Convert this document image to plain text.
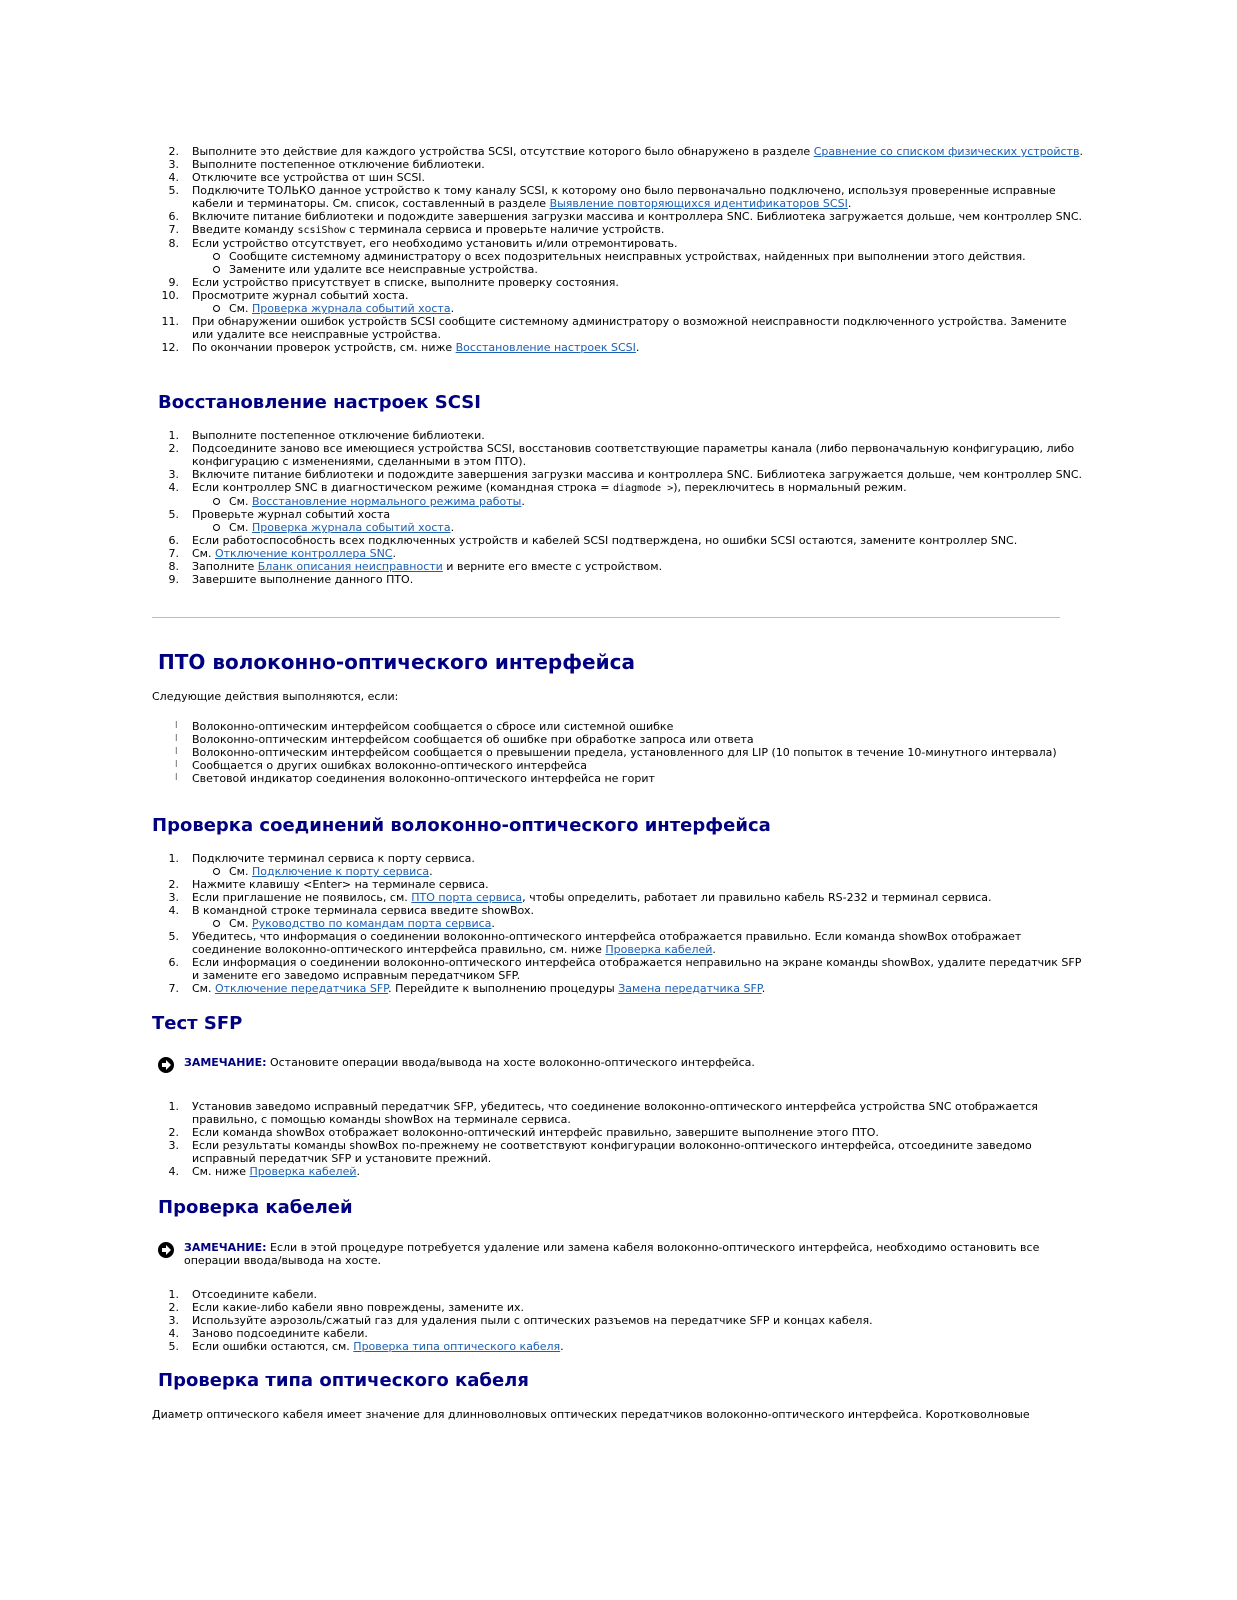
2. Выполните это действие для каждого устройства SCSI, отсутствие которого было обнаружено в разделе Сравнение со списком физических устройств.
3. Выполните постепенное отключение библиотеки.
4. Отключите все устройства от шин SCSI.
5. Подключите ТОЛЬКО данное устройство к тому каналу SCSI, к которому оно было первоначально подключено, используя проверенные исправные кабели и терминаторы. См. список, составленный в разделе Выявление повторяющихся идентификаторов SCSI.
6. Включите питание библиотеки и подождите завершения загрузки массива и контроллера SNC. Библиотека загружается дольше, чем контроллер SNC.
7. Введите команду scsiShow с терминала сервиса и проверьте наличие устройств.
8. Если устройство отсутствует, его необходимо установить и/или отремонтировать.
Сообщите системному администратору о всех подозрительных неисправных устройствах, найденных при выполнении этого действия.
Замените или удалите все неисправные устройства.
9. Если устройство присутствует в списке, выполните проверку состояния.
10. Просмотрите журнал событий хоста.
См. Проверка журнала событий хоста.
11. При обнаружении ошибок устройств SCSI сообщите системному администратору о возможной неисправности подключенного устройства. Замените или удалите все неисправные устройства.
12. По окончании проверок устройств, см. ниже Восстановление настроек SCSI.
Восстановление настроек SCSI
1. Выполните постепенное отключение библиотеки.
2. Подсоедините заново все имеющиеся устройства SCSI, восстановив соответствующие параметры канала (либо первоначальную конфигурацию, либо конфигурацию с изменениями, сделанными в этом ПТО).
3. Включите питание библиотеки и подождите завершения загрузки массива и контроллера SNC. Библиотека загружается дольше, чем контроллер SNC.
4. Если контроллер SNC в диагностическом режиме (командная строка = diagmode >), переключитесь в нормальный режим.
См. Восстановление нормального режима работы.
5. Проверьте журнал событий хоста
См. Проверка журнала событий хоста.
6. Если работоспособность всех подключенных устройств и кабелей SCSI подтверждена, но ошибки SCSI остаются, замените контроллер SNC.
7. См. Отключение контроллера SNC.
8. Заполните Бланк описания неисправности и верните его вместе с устройством.
9. Завершите выполнение данного ПТО.
ПТО волоконно-оптического интерфейса

Следующие действия выполняются, если:

l Волоконно-оптическим интерфейсом сообщается о сбросе или системной ошибке
l Волоконно-оптическим интерфейсом сообщается об ошибке при обработке запроса или ответа
l Волоконно-оптическим интерфейсом сообщается о превышении предела, установленного для LIP (10 попыток в течение 10-минутного интервала)
l Сообщается о других ошибках волоконно-оптического интерфейса
l Световой индикатор соединения волоконно-оптического интерфейса не горит
Проверка соединений волоконно-оптического интерфейса
1. Подключите терминал сервиса к порту сервиса.
См. Подключение к порту сервиса.
2. Нажмите клавишу <Enter> на терминале сервиса.
3. Если приглашение не появилось, см. ПТО порта сервиса, чтобы определить, работает ли правильно кабель RS-232 и терминал сервиса.
4. В командной строке терминала сервиса введите showBox.
См. Руководство по командам порта сервиса.
5. Убедитесь, что информация о соединении волоконно-оптического интерфейса отображается правильно. Если команда showBox отображает соединение волоконно-оптического интерфейса правильно, см. ниже Проверка кабелей.
6. Если информация о соединении волоконно-оптического интерфейса отображается неправильно на экране команды showBox, удалите передатчик SFP и замените его заведомо исправным передатчиком SFP.
7. См. Отключение передатчика SFP. Перейдите к выполнению процедуры Замена передатчика SFP.
Тест SFP
ЗАМЕЧАНИЕ: Остановите операции ввода/вывода на хосте волоконно-оптического интерфейса.
1. Установив заведомо исправный передатчик SFP, убедитесь, что соединение волоконно-оптического интерфейса устройства SNC отображается правильно, с помощью команды showBox на терминале сервиса.
2. Если команда showBox отображает волоконно-оптический интерфейс правильно, завершите выполнение этого ПТО.
3. Если результаты команды showBox по-прежнему не соответствуют конфигурации волоконно-оптического интерфейса, отсоедините заведомо исправный передатчик SFP и установите прежний.
4. См. ниже Проверка кабелей.
Проверка кабелей
ЗАМЕЧАНИЕ: Если в этой процедуре потребуется удаление или замена кабеля волоконно-оптического интерфейса, необходимо остановить все операции ввода/вывода на хосте.
1. Отсоедините кабели.
2. Если какие-либо кабели явно повреждены, замените их.
3. Используйте аэрозоль/сжатый газ для удаления пыли с оптических разъемов на передатчике SFP и концах кабеля.
4. Заново подсоедините кабели.
5. Если ошибки остаются, см. Проверка типа оптического кабеля.
Проверка типа оптического кабеля

Диаметр оптического кабеля имеет значение для длинноволновых оптических передатчиков волоконно-оптического интерфейса. Коротковолновые
